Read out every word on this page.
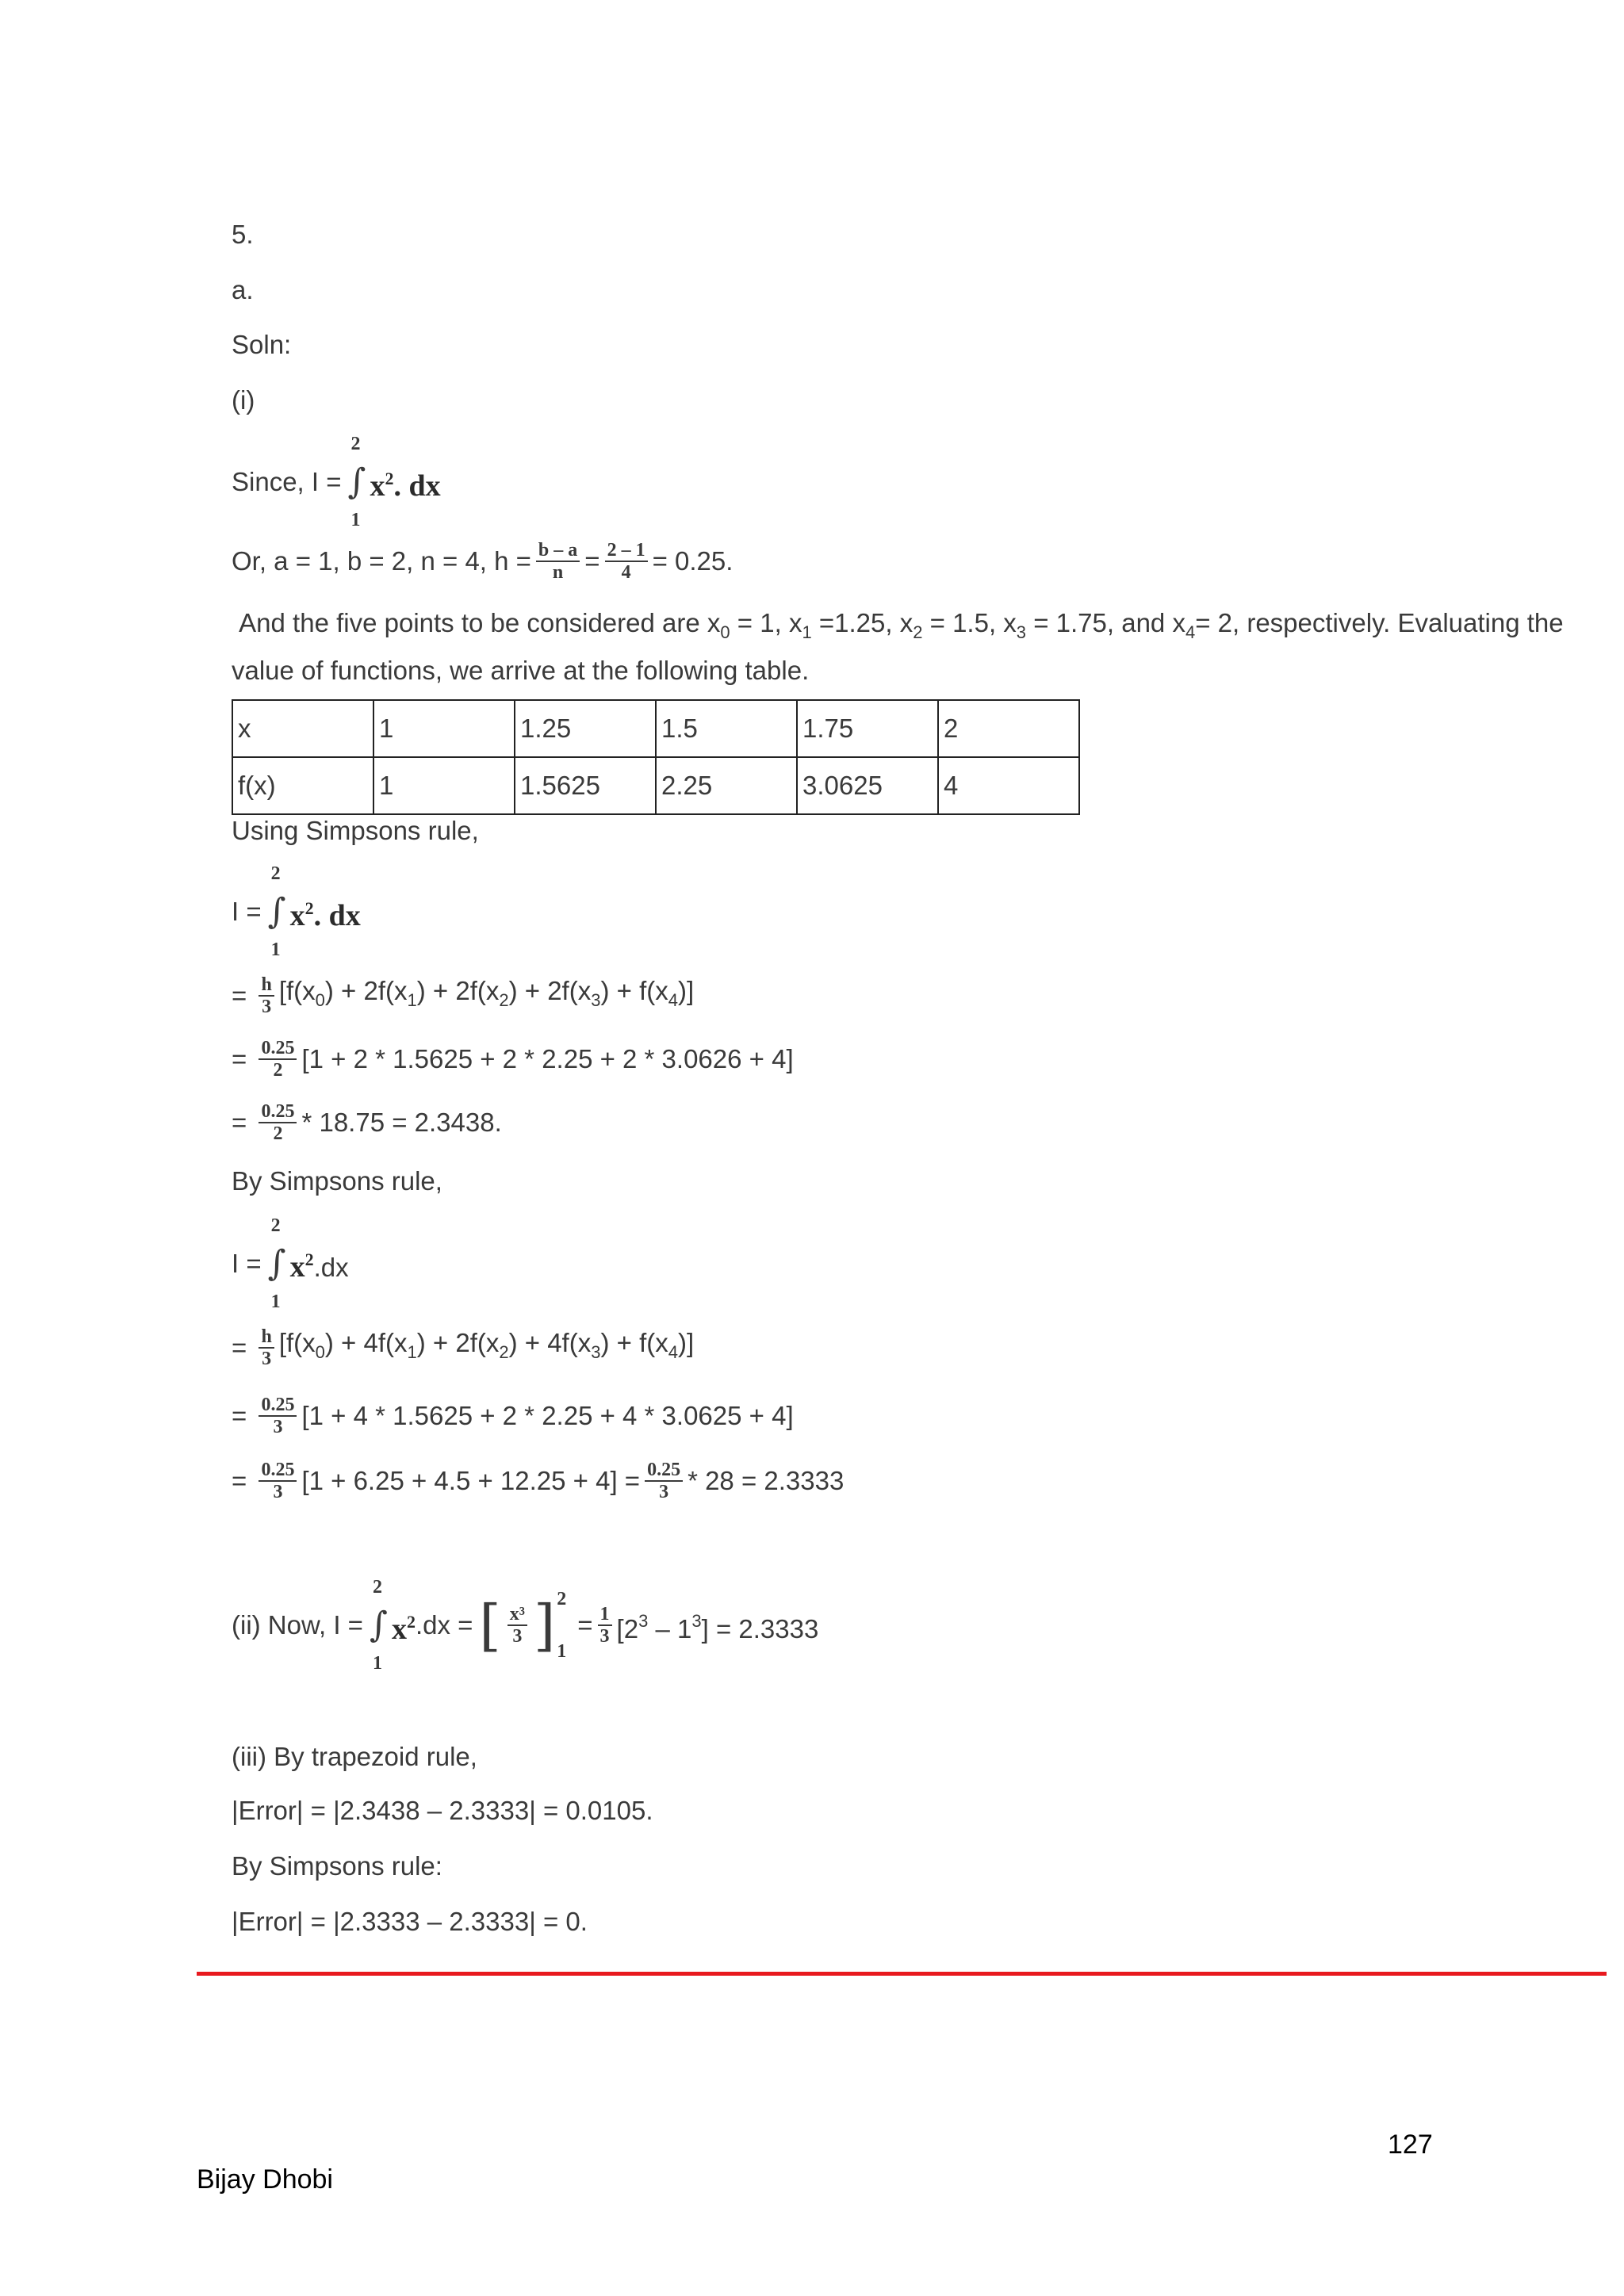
5.
a.
Soln:
(i)
Since, I =
2
∫
1
$x^2$. dx
Or, a = 1, b = 2, n = 4, $h = \frac{b - a}{n} = \frac{2 - 1}{4} = 0.25$.
And the five points to be considered are $x_0 = 1$, $x_1 =1.25$, $x_2 = 1.5$, $x_3 = 1.75$, and $x_4= 2$, respectively. Evaluating the value of functions, we arrive at the following table.
x	1	1.25	1.5	1.75	2
f(x)	1	1.5625	2.25	3.0625	4
Using Simpsons rule,
I =
2
∫
1
$x^2$. dx
= $\frac{h}{3} [f(x_0) + 2f(x_1) + 2f(x_2) + 2f(x_3) + f(x_4)]$
= $\frac{0.25}{2} [1 + 2 * 1.5625 + 2 * 2.25 + 2 * 3.0626 + 4]$
= $\frac{0.25}{2} * 18.75 = 2.3438$.
By Simpsons rule,
I =
2
∫
1
$x^2.dx$
= $\frac{h}{3} [f(x_0) + 4f(x_1) + 2f(x_2) + 4f(x_3) + f(x_4)]$
= $\frac{0.25}{3} [1 + 4 * 1.5625 + 2 * 2.25 + 4 * 3.0625 + 4]$
= $\frac{0.25}{3} [1 + 6.25 + 4.5 + 12.25 + 4] = \frac{0.25}{3} * 28 = 2.3333$
(ii) Now, I =
2
∫
1
$x^2$ .dx = [ $\frac{\text{x³}}{3}$ ] 2
1
= $\frac{1}{3} [2^3 - 1^3] = 2.3333$
(iii) By trapezoid rule,
|Error| = |2.3438 – 2.3333| = 0.0105.
By Simpsons rule:
|Error| = |2.3333 – 2.3333| = 0.
127
Bijay Dhobi
